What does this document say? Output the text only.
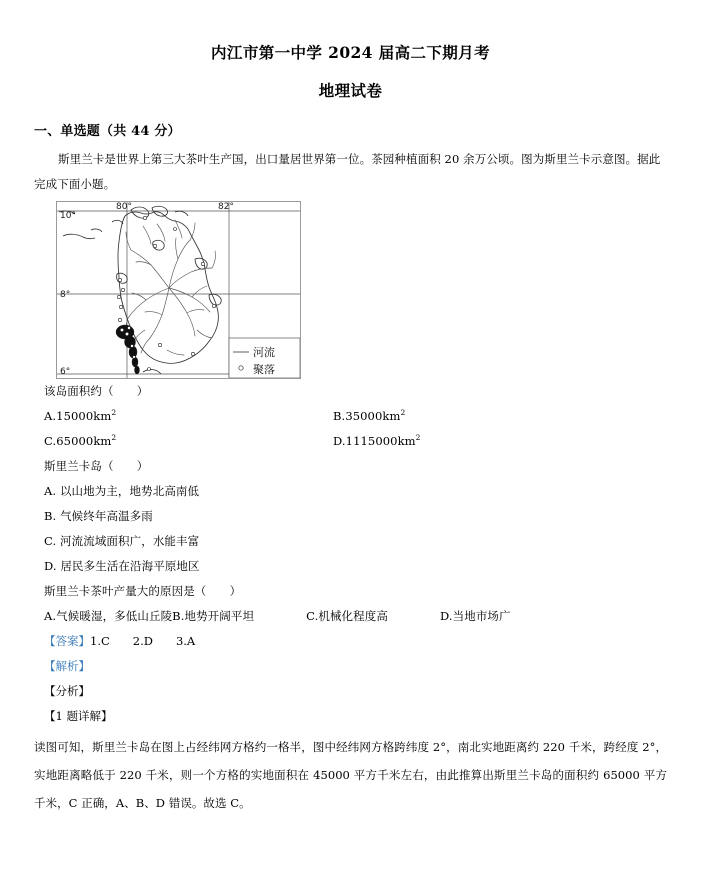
内江市第一中学 2024 届高二下期月考
地理试卷

一、单选题（共 44 分）

斯里兰卡是世界上第三大茶叶生产国，出口量居世界第一位。茶园种植面积 20 余万公顷。图为斯里兰卡示意图。据此完成下面小题。

10°
8°
6°
80°	82°
河流
聚落

该岛面积约（　　）

$A.15000km^2$	$B.35000km^2$
$C.65000km^2$	$D.1115000km^2$

斯里兰卡岛（　　）

A. 以山地为主，地势北高南低
B. 气候终年高温多雨
C. 河流流域面积广，水能丰富
D. 居民多生活在沿海平原地区

斯里兰卡茶叶产量大的原因是（　　）

A.气候暖湿，多低山丘陵B.地势开阔平坦	C.机械化程度高	D.当地市场广

【答案】1.C　　2.D　　3.A

【解析】

【分析】

【1 题详解】

读图可知，斯里兰卡岛在图上占经纬网方格约一格半，图中经纬网方格跨纬度 2°，南北实地距离约 220 千米，跨经度 2°，实地距离略低于 220 千米，则一个方格的实地面积在 45000 平方千米左右，由此推算出斯里兰卡岛的面积约 65000 平方千米，C 正确，A、B、D 错误。故选 C。
